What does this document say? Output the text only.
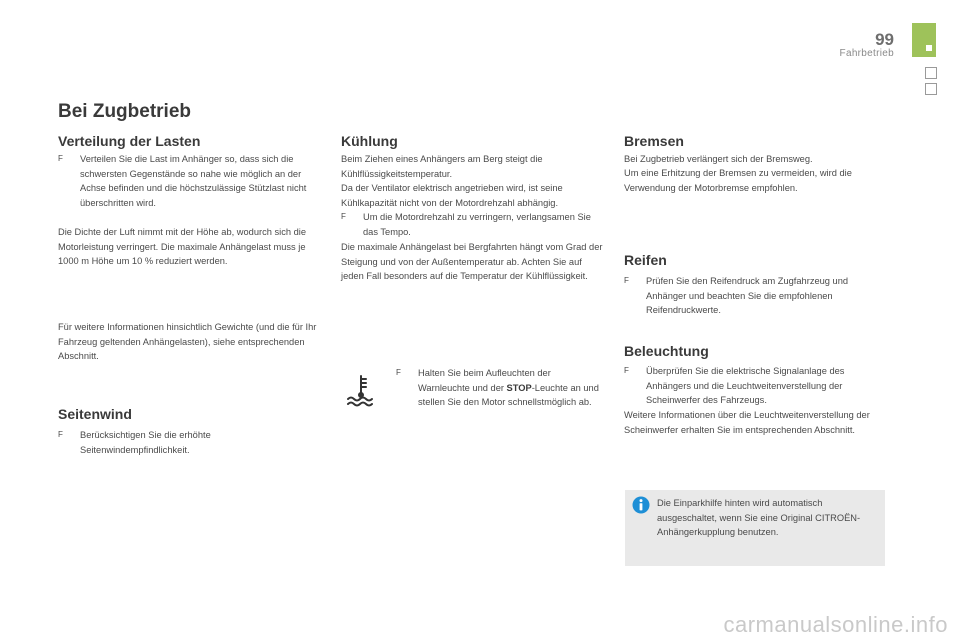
99
Fahrbetrieb
Bei Zugbetrieb
Verteilung der Lasten
F	Verteilen Sie die Last im Anhänger so, dass sich die schwersten Gegenstände so nahe wie möglich an der Achse befinden und die höchstzulässige Stützlast nicht überschritten wird.

Die Dichte der Luft nimmt mit der Höhe ab, wodurch sich die Motorleistung verringert. Die maximale Anhängelast muss je 1000 m Höhe um 10 % reduziert werden.

Für weitere Informationen hinsichtlich Gewichte (und die für Ihr Fahrzeug geltenden Anhängelasten), siehe entsprechenden Abschnitt.

Seitenwind
F	Berücksichtigen Sie die erhöhte Seitenwindempfindlichkeit.
Kühlung

Beim Ziehen eines Anhängers am Berg steigt die Kühlflüssigkeitstemperatur.

Da der Ventilator elektrisch angetrieben wird, ist seine Kühlkapazität nicht von der Motordrehzahl abhängig.

F	Um die Motordrehzahl zu verringern, verlangsamen Sie das Tempo.

Die maximale Anhängelast bei Bergfahrten hängt vom Grad der Steigung und von der Außentemperatur ab. Achten Sie auf jeden Fall besonders auf die Temperatur der Kühlflüssigkeit.

F	Halten Sie beim Aufleuchten der Warnleuchte und der STOP-Leuchte an und stellen Sie den Motor schnellstmöglich ab.
Bremsen

Bei Zugbetrieb verlängert sich der Bremsweg.

Um eine Erhitzung der Bremsen zu vermeiden, wird die Verwendung der Motorbremse empfohlen.

Reifen
F	Prüfen Sie den Reifendruck am Zugfahrzeug und Anhänger und beachten Sie die empfohlenen Reifendruckwerte.
Beleuchtung
F	Überprüfen Sie die elektrische Signalanlage des Anhängers und die Leuchtweitenverstellung der Scheinwerfer des Fahrzeugs.

Weitere Informationen über die Leuchtweitenverstellung der Scheinwerfer erhalten Sie im entsprechenden Abschnitt.

Die Einparkhilfe hinten wird automatisch ausgeschaltet, wenn Sie eine Original CITROËN-Anhängerkupplung benutzen.
carmanualsonline.info
